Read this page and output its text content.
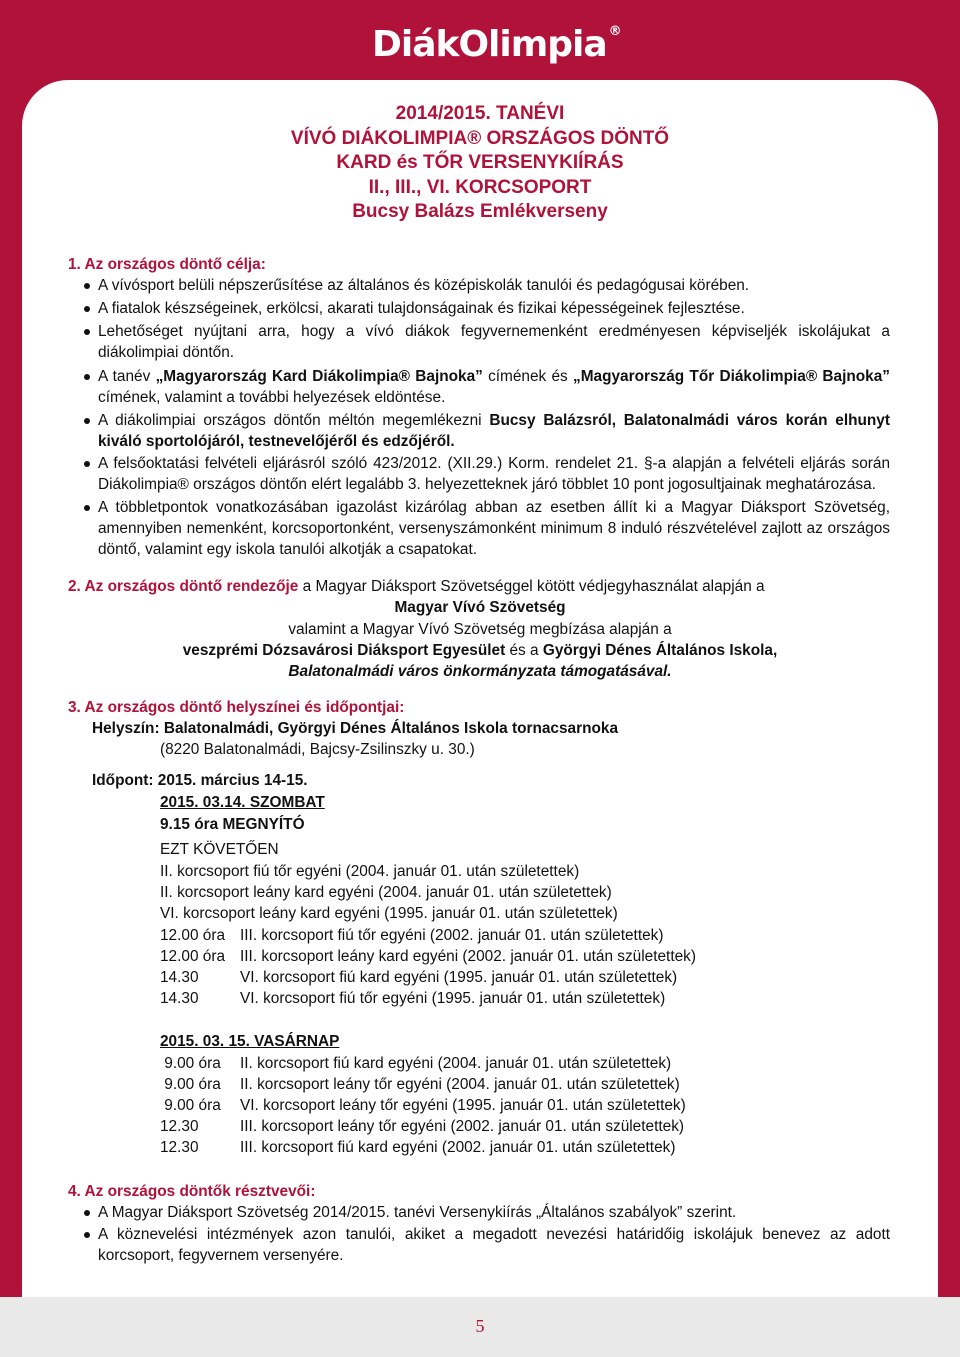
DiákOlimpia ®
2014/2015. TANÉVI
VÍVÓ DIÁKOLIMPIA® ORSZÁGOS DÖNTŐ
KARD és TŐR VERSENYKIÍRÁS
II., III., VI. KORCSOPORT
Bucsy Balázs Emlékverseny
1. Az országos döntő célja:
A vívósport belüli népszerűsítése az általános és középiskolák tanulói és pedagógusai körében.
A fiatalok készségeinek, erkölcsi, akarati tulajdonságainak és fizikai képességeinek fejlesztése.
Lehetőséget nyújtani arra, hogy a vívó diákok fegyvernemenként eredményesen képviseljék iskolájukat a diákolimpiai döntőn.
A tanév „Magyarország Kard Diákolimpia® Bajnoka” címének és „Magyarország Tőr Diákolimpia® Bajnoka” címének, valamint a további helyezések eldöntése.
A diákolimpiai országos döntőn méltón megemlékezni Bucsy Balázsról, Balatonalmádi város korán elhunyt kiváló sportolójáról, testnevelőjéről és edzőjéről.
A felsőoktatási felvételi eljárásról szóló 423/2012. (XII.29.) Korm. rendelet 21. §-a alapján a felvételi eljárás során Diákolimpia® országos döntőn elért legalább 3. helyezetteknek járó többlet 10 pont jogosultjainak meghatározása.
A többletpontok vonatkozásában igazolást kizárólag abban az esetben állít ki a Magyar Diáksport Szövetség, amennyiben nemenként, korcsoportonként, versenyszámonként minimum 8 induló részvételével zajlott az országos döntő, valamint egy iskola tanulói alkotják a csapatokat.
2. Az országos döntő rendezője a Magyar Diáksport Szövetséggel kötött védjegyhasználat alapján a
Magyar Vívó Szövetség
valamint a Magyar Vívó Szövetség megbízása alapján a
veszprémi Dózsavárosi Diáksport Egyesület és a Györgyi Dénes Általános Iskola,
Balatonalmádi város önkormányzata támogatásával.
3. Az országos döntő helyszínei és időpontjai:
Helyszín: Balatonalmádi, Györgyi Dénes Általános Iskola tornacsarnoka
(8220 Balatonalmádi, Bajcsy-Zsilinszky u. 30.)
Időpont: 2015. március 14-15.
2015. 03.14. SZOMBAT
9.15 óra MEGNYÍTÓ
EZT KÖVETŐEN
II. korcsoport fiú tőr egyéni (2004. január 01. után születettek)
II. korcsoport leány kard egyéni (2004. január 01. után születettek)
VI. korcsoport leány kard egyéni (1995. január 01. után születettek)
12.00 óra III. korcsoport fiú tőr egyéni (2002. január 01. után születettek)
12.00 óra III. korcsoport leány kard egyéni (2002. január 01. után születettek)
14.30	VI. korcsoport fiú kard egyéni (1995. január 01. után születettek)
14.30	VI. korcsoport fiú tőr egyéni (1995. január 01. után születettek)
2015. 03. 15. VASÁRNAP
9.00 óra II. korcsoport fiú kard egyéni (2004. január 01. után születettek)
9.00 óra II. korcsoport leány tőr egyéni (2004. január 01. után születettek)
9.00 óra VI. korcsoport leány tőr egyéni (1995. január 01. után születettek)
12.30	III. korcsoport leány tőr egyéni (2002. január 01. után születettek)
12.30	III. korcsoport fiú kard egyéni (2002. január 01. után születettek)
4. Az országos döntők résztvevői:
A Magyar Diáksport Szövetség 2014/2015. tanévi Versenykiírás „Általános szabályok” szerint.
A köznevelési intézmények azon tanulói, akiket a megadott nevezési határidőig iskolájuk benevez az adott korcsoport, fegyvernem versenyére.
5
